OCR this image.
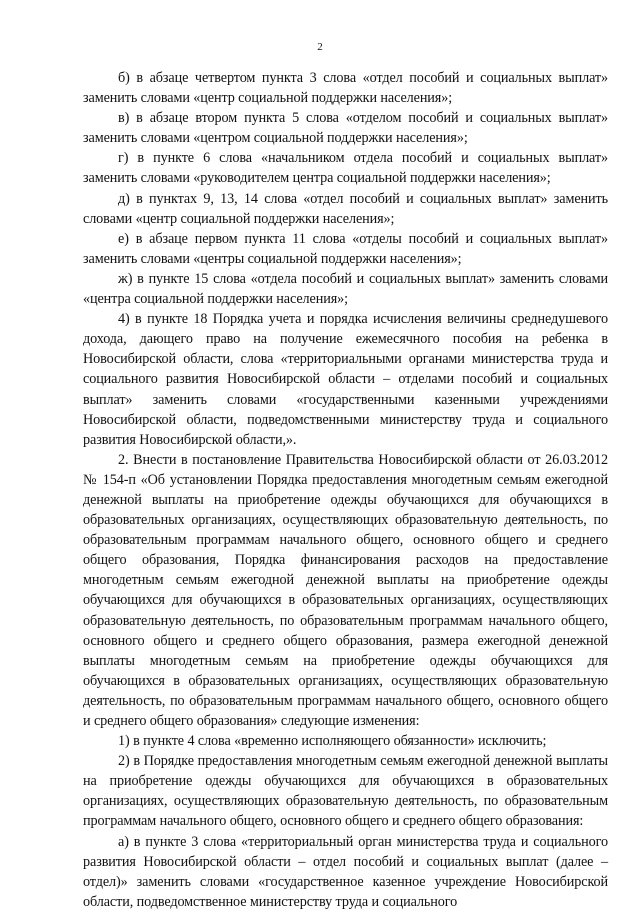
2

б) в абзаце четвертом пункта 3 слова «отдел пособий и социальных выплат» заменить словами «центр социальной поддержки населения»;

в) в абзаце втором пункта 5 слова «отделом пособий и социальных выплат» заменить словами «центром социальной поддержки населения»;

г) в пункте 6 слова «начальником отдела пособий и социальных выплат» заменить словами «руководителем центра социальной поддержки населения»;

д) в пунктах 9, 13, 14 слова «отдел пособий и социальных выплат» заменить словами «центр социальной поддержки населения»;

е) в абзаце первом пункта 11 слова «отделы пособий и социальных выплат» заменить словами «центры социальной поддержки населения»;

ж) в пункте 15 слова «отдела пособий и социальных выплат» заменить словами «центра социальной поддержки населения»;

4) в пункте 18 Порядка учета и порядка исчисления величины среднедушевого дохода, дающего право на получение ежемесячного пособия на ребенка в Новосибирской области, слова «территориальными органами министерства труда и социального развития Новосибирской области – отделами пособий и социальных выплат» заменить словами «государственными казенными учреждениями Новосибирской области, подведомственными министерству труда и социального развития Новосибирской области,».

2. Внести в постановление Правительства Новосибирской области от 26.03.2012 № 154-п «Об установлении Порядка предоставления многодетным семьям ежегодной денежной выплаты на приобретение одежды обучающихся для обучающихся в образовательных организациях, осуществляющих образовательную деятельность, по образовательным программам начального общего, основного общего и среднего общего образования, Порядка финансирования расходов на предоставление многодетным семьям ежегодной денежной выплаты на приобретение одежды обучающихся для обучающихся в образовательных организациях, осуществляющих образовательную деятельность, по образовательным программам начального общего, основного общего и среднего общего образования, размера ежегодной денежной выплаты многодетным семьям на приобретение одежды обучающихся для обучающихся в образовательных организациях, осуществляющих образовательную деятельность, по образовательным программам начального общего, основного общего и среднего общего образования» следующие изменения:

1) в пункте 4 слова «временно исполняющего обязанности» исключить;

2) в Порядке предоставления многодетным семьям ежегодной денежной выплаты на приобретение одежды обучающихся для обучающихся в образовательных организациях, осуществляющих образовательную деятельность, по образовательным программам начального общего, основного общего и среднего общего образования:

а) в пункте 3 слова «территориальный орган министерства труда и социального развития Новосибирской области – отдел пособий и социальных выплат (далее – отдел)» заменить словами «государственное казенное учреждение Новосибирской области, подведомственное министерству труда и социального
